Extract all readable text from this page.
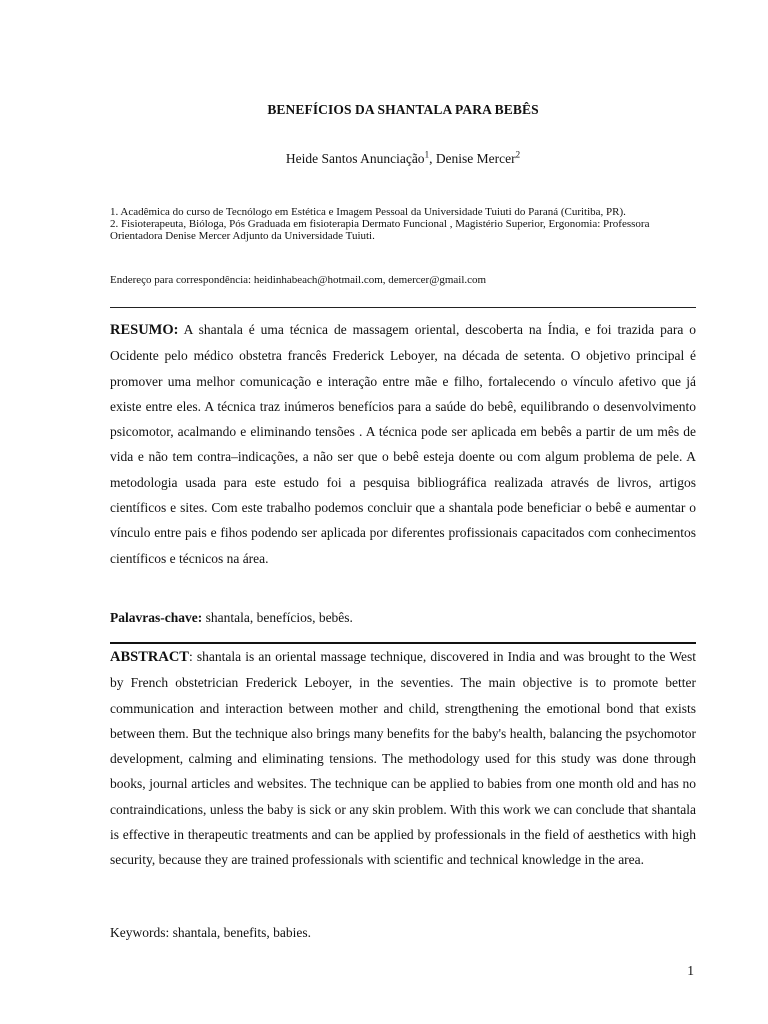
BENEFÍCIOS DA SHANTALA PARA BEBÊS
Heide Santos Anunciação$^1$, Denise Mercer$^2$

1. Acadêmica do curso de Tecnólogo em Estética e Imagem Pessoal da Universidade Tuiuti do Paraná (Curitiba, PR).

2. Fisioterapeuta, Bióloga, Pós Graduada em fisioterapia Dermato Funcional , Magistério Superior, Ergonomia: Professora Orientadora Denise Mercer Adjunto da Universidade Tuiuti.

Endereço para correspondência: heidinhabeach@hotmail.com, demercer@gmail.com

RESUMO: A shantala é uma técnica de massagem oriental, descoberta na Índia, e foi trazida para o Ocidente pelo médico obstetra francês Frederick Leboyer, na década de setenta. O objetivo principal é promover uma melhor comunicação e interação entre mãe e filho, fortalecendo o vínculo afetivo que já existe entre eles. A técnica traz inúmeros benefícios para a saúde do bebê, equilibrando o desenvolvimento psicomotor, acalmando e eliminando tensões . A técnica pode ser aplicada em bebês a partir de um mês de vida e não tem contra–indicações, a não ser que o bebê esteja doente ou com algum problema de pele. A metodologia usada para este estudo foi a pesquisa bibliográfica realizada através de livros, artigos científicos e sites. Com este trabalho podemos concluir que a shantala pode beneficiar o bebê e aumentar o vínculo entre pais e fihos podendo ser aplicada por diferentes profissionais capacitados com conhecimentos científicos e técnicos na área.

Palavras-chave: shantala, benefícios, bebês.

ABSTRACT: shantala is an oriental massage technique, discovered in India and was brought to the West by French obstetrician Frederick Leboyer, in the seventies. The main objective is to promote better communication and interaction between mother and child, strengthening the emotional bond that exists between them. But the technique also brings many benefits for the baby's health, balancing the psychomotor development, calming and eliminating tensions. The methodology used for this study was done through books, journal articles and websites. The technique can be applied to babies from one month old and has no contraindications, unless the baby is sick or any skin problem. With this work we can conclude that shantala is effective in therapeutic treatments and can be applied by professionals in the field of aesthetics with high security, because they are trained professionals with scientific and technical knowledge in the area.

Keywords: shantala, benefits, babies.
1
